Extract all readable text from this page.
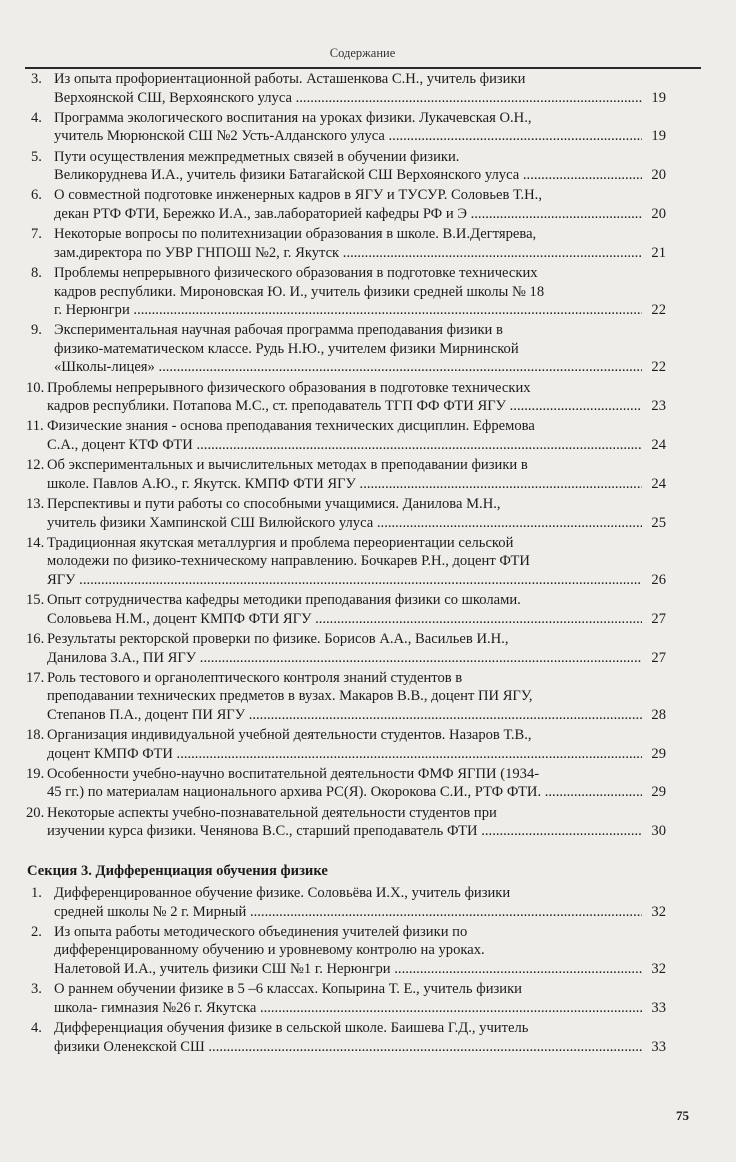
Содержание
3. Из опыта профориентационной работы. Асташенкова С.Н., учитель физики
Верхоянской СШ, Верхоянского улуса .....	19
4. Программа экологического воспитания на уроках физики. Лукачевская О.Н.,
учитель Мюрюнской СШ №2 Усть-Алданского улуса .....	19
5. Пути осуществления межпредметных связей в обучении физики.
Великоруднева И.А., учитель физики Батагайской СШ Верхоянского улуса .....	20
6. О совместной подготовке инженерных кадров в ЯГУ и ТУСУР. Соловьев Т.Н.,
декан РТФ ФТИ, Бережко И.А., зав.лабораторией кафедры РФ и Э .....	20
7. Некоторые вопросы по политехнизации образования в школе. В.И.Дегтярева,
зам.директора по УВР ГНПОШ №2, г. Якутск .....	21
8. Проблемы непрерывного физического образования в подготовке технических
кадров республики. Мироновская Ю. И., учитель физики средней школы № 18
г. Нерюнгри .....	22
9. Экспериментальная научная рабочая программа преподавания физики в
физико-математическом классе. Рудь Н.Ю., учителем физики Мирнинской
«Школы-лицея» .....	22
10. Проблемы непрерывного физического образования в подготовке технических
кадров республики. Потапова М.С., ст. преподаватель ТГП ФФ ФТИ ЯГУ .....	23
11. Физические знания - основа преподавания технических дисциплин. Ефремова
С.А., доцент КТФ ФТИ .....	24
12. Об экспериментальных и вычислительных методах в преподавании физики в
школе. Павлов А.Ю., г. Якутск. КМПФ ФТИ ЯГУ .....	24
13. Перспективы и пути работы со способными учащимися. Данилова М.Н.,
учитель физики Хампинской СШ Вилюйского улуса .....	25
14. Традиционная якутская металлургия и проблема переориентации сельской
молодежи по физико-техническому направлению. Бочкарев Р.Н., доцент ФТИ
ЯГУ .....	26
15. Опыт сотрудничества кафедры методики преподавания физики со школами.
Соловьева Н.М., доцент КМПФ ФТИ ЯГУ .....	27
16. Результаты ректорской проверки по физике. Борисов А.А., Васильев И.Н.,
Данилова З.А., ПИ ЯГУ .....	27
17. Роль тестового и органолептического контроля знаний студентов в
преподавании технических предметов в вузах. Макаров В.В., доцент ПИ ЯГУ,
Степанов П.А., доцент ПИ ЯГУ .....	28
18. Организация индивидуальной учебной деятельности студентов. Назаров Т.В.,
доцент КМПФ ФТИ .....	29
19. Особенности учебно-научно воспитательной деятельности ФМФ ЯГПИ (1934-
45 гг.) по материалам национального архива РС(Я). Окорокова С.И., РТФ ФТИ. .....	29
20. Некоторые аспекты учебно-познавательной деятельности студентов при
изучении курса физики. Ченянова В.С., старший преподаватель ФТИ .....	30
Секция 3. Дифференциация обучения физике
1. Дифференцированное обучение физике. Соловьёва И.Х., учитель физики
средней школы № 2 г. Мирный .....	32
2. Из опыта работы методического объединения учителей физики по
дифференцированному обучению и уровневому контролю на уроках.
Налетовой И.А., учитель физики СШ №1 г. Нерюнгри .....	32
3. О раннем обучении физике в 5 –6 классах. Копырина Т. Е., учитель физики
школа- гимназия №26 г. Якутска .....	33
4. Дифференциация обучения физике в сельской школе. Баишева Г.Д., учитель
физики Оленекской СШ .....	33
75
